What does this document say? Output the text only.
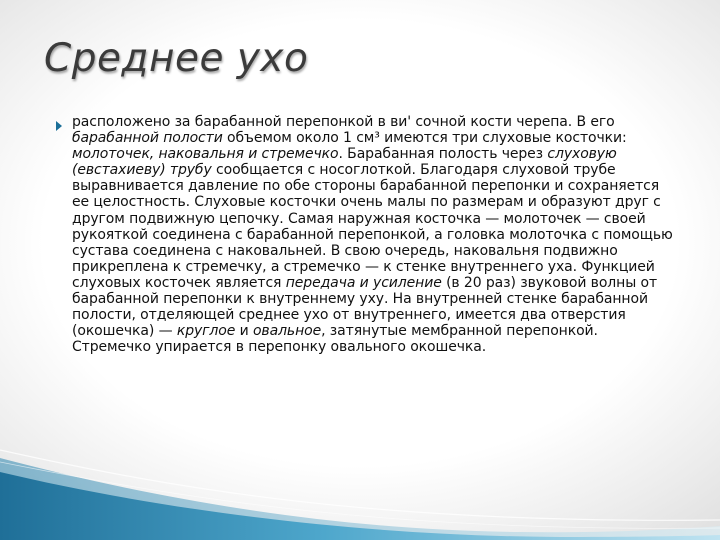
Среднее ухо
расположено за барабанной перепонкой в ви' сочной кости черепа. В его барабанной полости объемом около 1 см³ имеются три слуховые косточки: молоточек, наковальня и стремечко. Барабанная полость через слуховую (евстахиеву) трубу сообщается с носоглоткой. Благодаря слуховой трубе выравнивается давление по обе стороны барабанной перепонки и сохраняется ее целостность. Слуховые косточки очень малы по размерам и образуют друг с другом подвижную цепочку. Самая наружная косточка — молоточек — своей рукояткой соединена с барабанной перепонкой, а головка молоточка с помощью сустава соединена с наковальней. В свою очередь, наковальня подвижно прикреплена к стремечку, а стремечко — к стенке внутреннего уха. Функцией слуховых косточек является передача и усиление (в 20 раз) звуковой волны от барабанной перепонки к внутреннему уху. На внутренней стенке барабанной полости, отделяющей среднее ухо от внутреннего, имеется два отверстия (окошечка) — круглое и овальное, затянутые мембранной перепонкой. Стремечко упирается в перепонку овального окошечка.
